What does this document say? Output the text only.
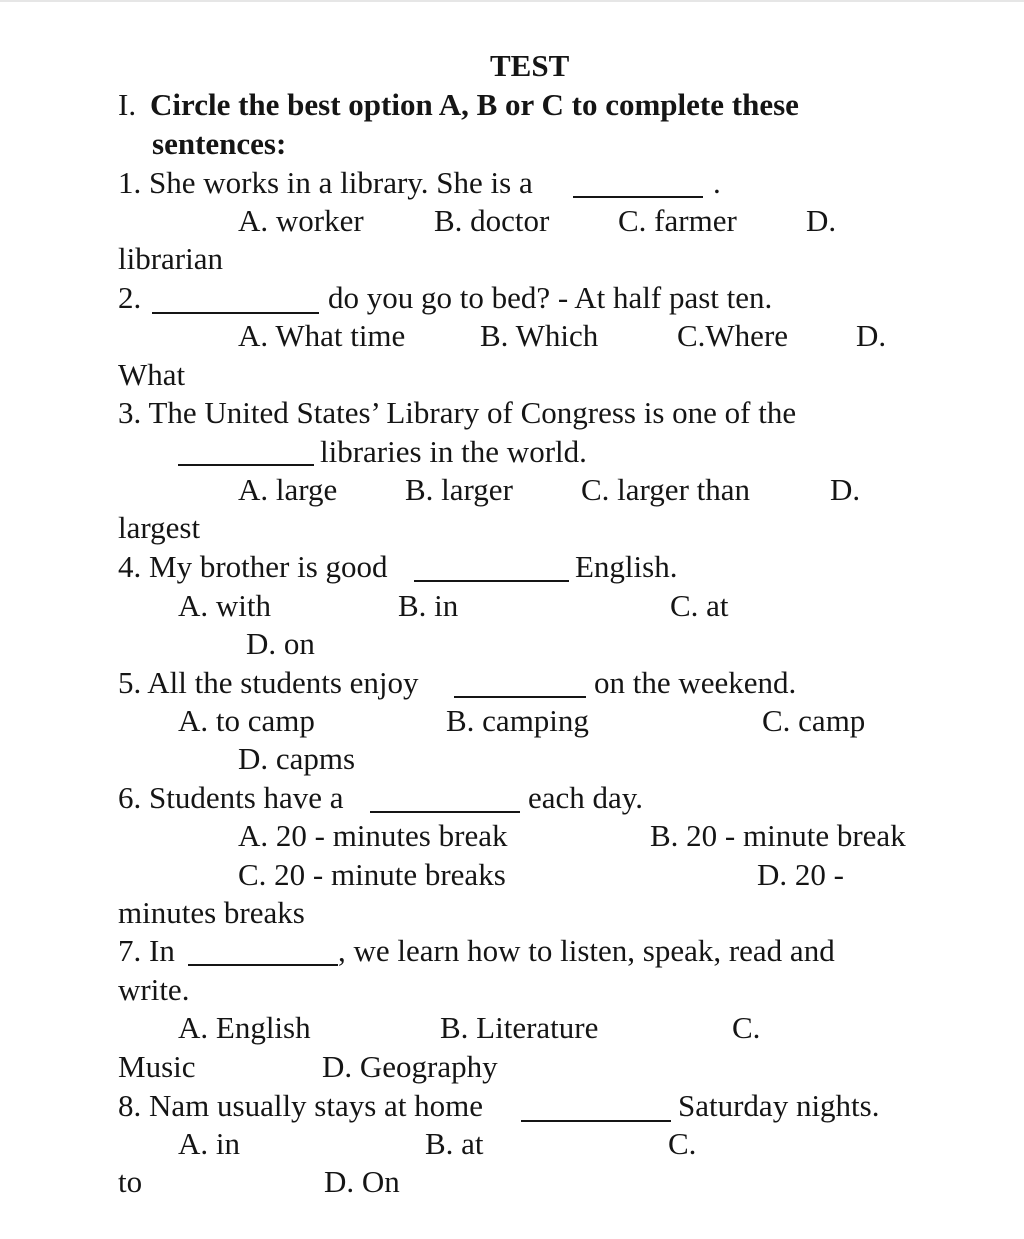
TEST
I. Circle the best option A, B or C to complete these
sentences:
1. She works in a library. She is a	.
A. worker B. doctor C. farmer D.
librarian
2.	do you go to bed? - At half past ten.
A. What time B. Which	C.Where D.
What
3. The United States’ Library of Congress is one of the
libraries in the world.
A. large B. larger C. larger than	D.
largest
4. My brother is good	English.
A. with	B. in	C. at
D. on
5. All the students enjoy	on the weekend.
A. to camp	B. camping	C. camp
D. capms
6. Students have a	each day.
A. 20 - minutes break	B. 20 - minute break
C. 20 - minute breaks	D. 20 -
minutes breaks
7. In	, we learn how to listen, speak, read and
write.
A. English	B. Literature	C.
Music	D. Geography
8. Nam usually stays at home	Saturday nights.
A. in	B. at	C.
to	D. On
